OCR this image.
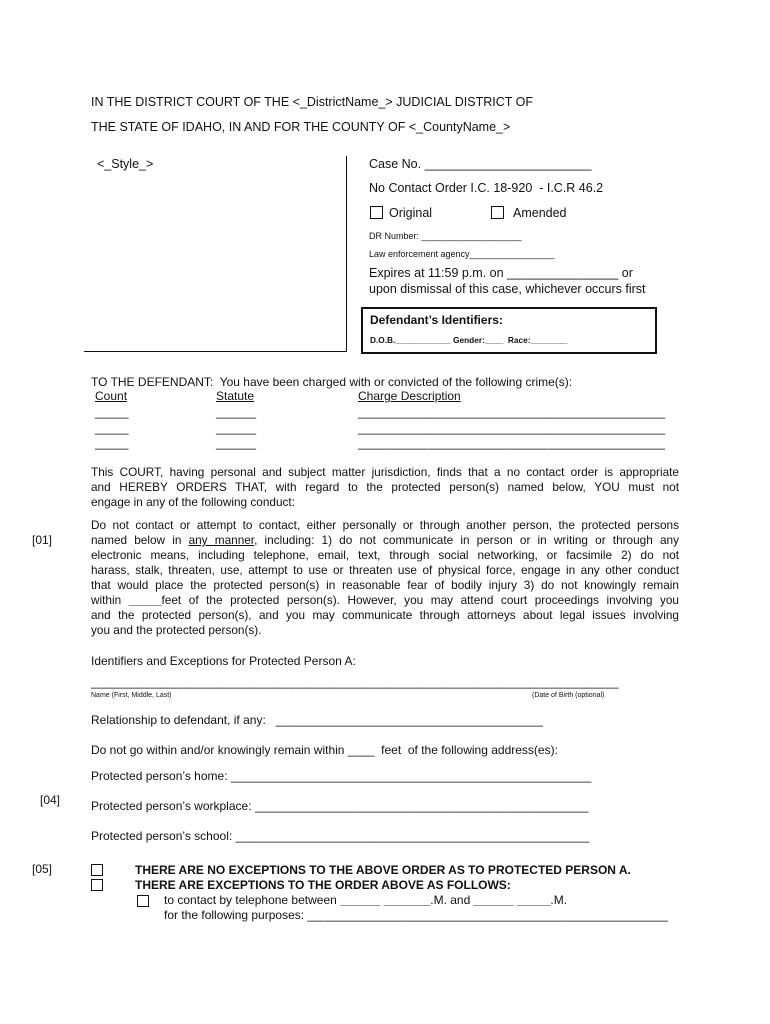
IN THE DISTRICT COURT OF THE <_DistrictName_> JUDICIAL DISTRICT OF
THE STATE OF IDAHO, IN AND FOR THE COUNTY OF <_CountyName_>
<_Style_>	Case No. ________________________
No Contact Order I.C. 18-920  - I.C.R 46.2
Original	Amended
DR Number: ____________________
Law enforcement agency_________________
Expires at 11:59 p.m. on ________________ or
upon dismissal of this case, whichever occurs first
Defendant’s Identifiers:
D.O.B.____________ Gender:____  Race:________
TO THE DEFENDANT:  You have been charged with or convicted of the following crime(s):
Count	Statute	Charge Description
_____	______	______________________________________________
_____	______	______________________________________________
_____	______	______________________________________________
This COURT, having personal and subject matter jurisdiction, finds that a no contact order is appropriate
and HEREBY ORDERS THAT, with regard to the protected person(s) named below, YOU must not
engage in any of the following conduct:
[01]
Do not contact or attempt to contact, either personally or through another person, the protected persons
named below in any manner, including: 1) do not communicate in person or in writing or through any
electronic means, including telephone, email, text, through social networking, or facsimile 2) do not
harass, stalk, threaten, use, attempt to use or threaten use of physical force, engage in any other conduct
that would place the protected person(s) in reasonable fear of bodily injury 3) do not knowingly remain
within _____feet of the protected person(s). However, you may attend court proceedings involving you
and the protected person(s), and you may communicate through attorneys about legal issues involving
you and the protected person(s).
Identifiers and Exceptions for Protected Person A:
________________________________________________________________________________
Name (First, Middle, Last)	(Date of Birth (optional)
Relationship to defendant, if any:   ________________________________________
Do not go within and/or knowingly remain within ____  feet  of the following address(es):
Protected person’s home: ______________________________________________________
[04]	Protected person’s workplace: __________________________________________________
Protected person’s school: _____________________________________________________
[05]	THERE ARE NO EXCEPTIONS TO THE ABOVE ORDER AS TO PROTECTED PERSON A.
THERE ARE EXCEPTIONS TO THE ORDER ABOVE AS FOLLOWS:
to contact by telephone between ______ _______.M. and ______ _____.M.
for the following purposes: ______________________________________________________
